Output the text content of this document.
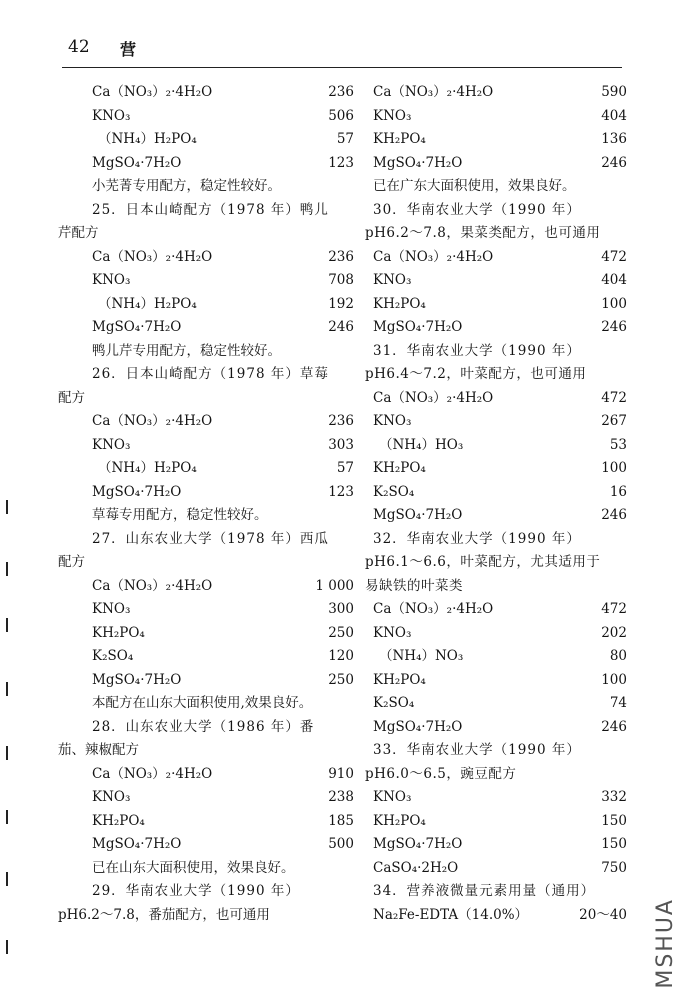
42 营
Ca（NO₃）₂·4H₂O	236
KNO₃	506
（NH₄）H₂PO₄	57
MgSO₄·7H₂O	123
小芜菁专用配方，稳定性较好。
25．日本山崎配方（1978 年）鸭儿
芹配方
Ca（NO₃）₂·4H₂O	236
KNO₃	708
（NH₄）H₂PO₄	192
MgSO₄·7H₂O	246
鸭儿芹专用配方，稳定性较好。
26．日本山崎配方（1978 年）草莓
配方
Ca（NO₃）₂·4H₂O	236
KNO₃	303
（NH₄）H₂PO₄	57
MgSO₄·7H₂O	123
草莓专用配方，稳定性较好。
27．山东农业大学（1978 年）西瓜
配方
Ca（NO₃）₂·4H₂O	1 000
KNO₃	300
KH₂PO₄	250
K₂SO₄	120
MgSO₄·7H₂O	250
本配方在山东大面积使用,效果良好。
28．山东农业大学（1986 年）番
茄、辣椒配方
Ca（NO₃）₂·4H₂O	910
KNO₃	238
KH₂PO₄	185
MgSO₄·7H₂O	500
已在山东大面积使用，效果良好。
29．华南农业大学（1990 年）
pH6.2～7.8，番茄配方，也可通用
Ca（NO₃）₂·4H₂O	590
KNO₃	404
KH₂PO₄	136
MgSO₄·7H₂O	246
已在广东大面积使用，效果良好。
30．华南农业大学（1990 年）
pH6.2～7.8，果菜类配方，也可通用
Ca（NO₃）₂·4H₂O	472
KNO₃	404
KH₂PO₄	100
MgSO₄·7H₂O	246
31．华南农业大学（1990 年）
pH6.4～7.2，叶菜配方，也可通用
Ca（NO₃）₂·4H₂O	472
KNO₃	267
（NH₄）HO₃	53
KH₂PO₄	100
K₂SO₄	16
MgSO₄·7H₂O	246
32．华南农业大学（1990 年）
pH6.1～6.6，叶菜配方，尤其适用于
易缺铁的叶菜类
Ca（NO₃）₂·4H₂O	472
KNO₃	202
（NH₄）NO₃	80
KH₂PO₄	100
K₂SO₄	74
MgSO₄·7H₂O	246
33．华南农业大学（1990 年）
pH6.0～6.5，豌豆配方
KNO₃	332
KH₂PO₄	150
MgSO₄·7H₂O	150
CaSO₄·2H₂O	750
34．营养液微量元素用量（通用）
Na₂Fe-EDTA（14.0%）	20～40 MSHUA
